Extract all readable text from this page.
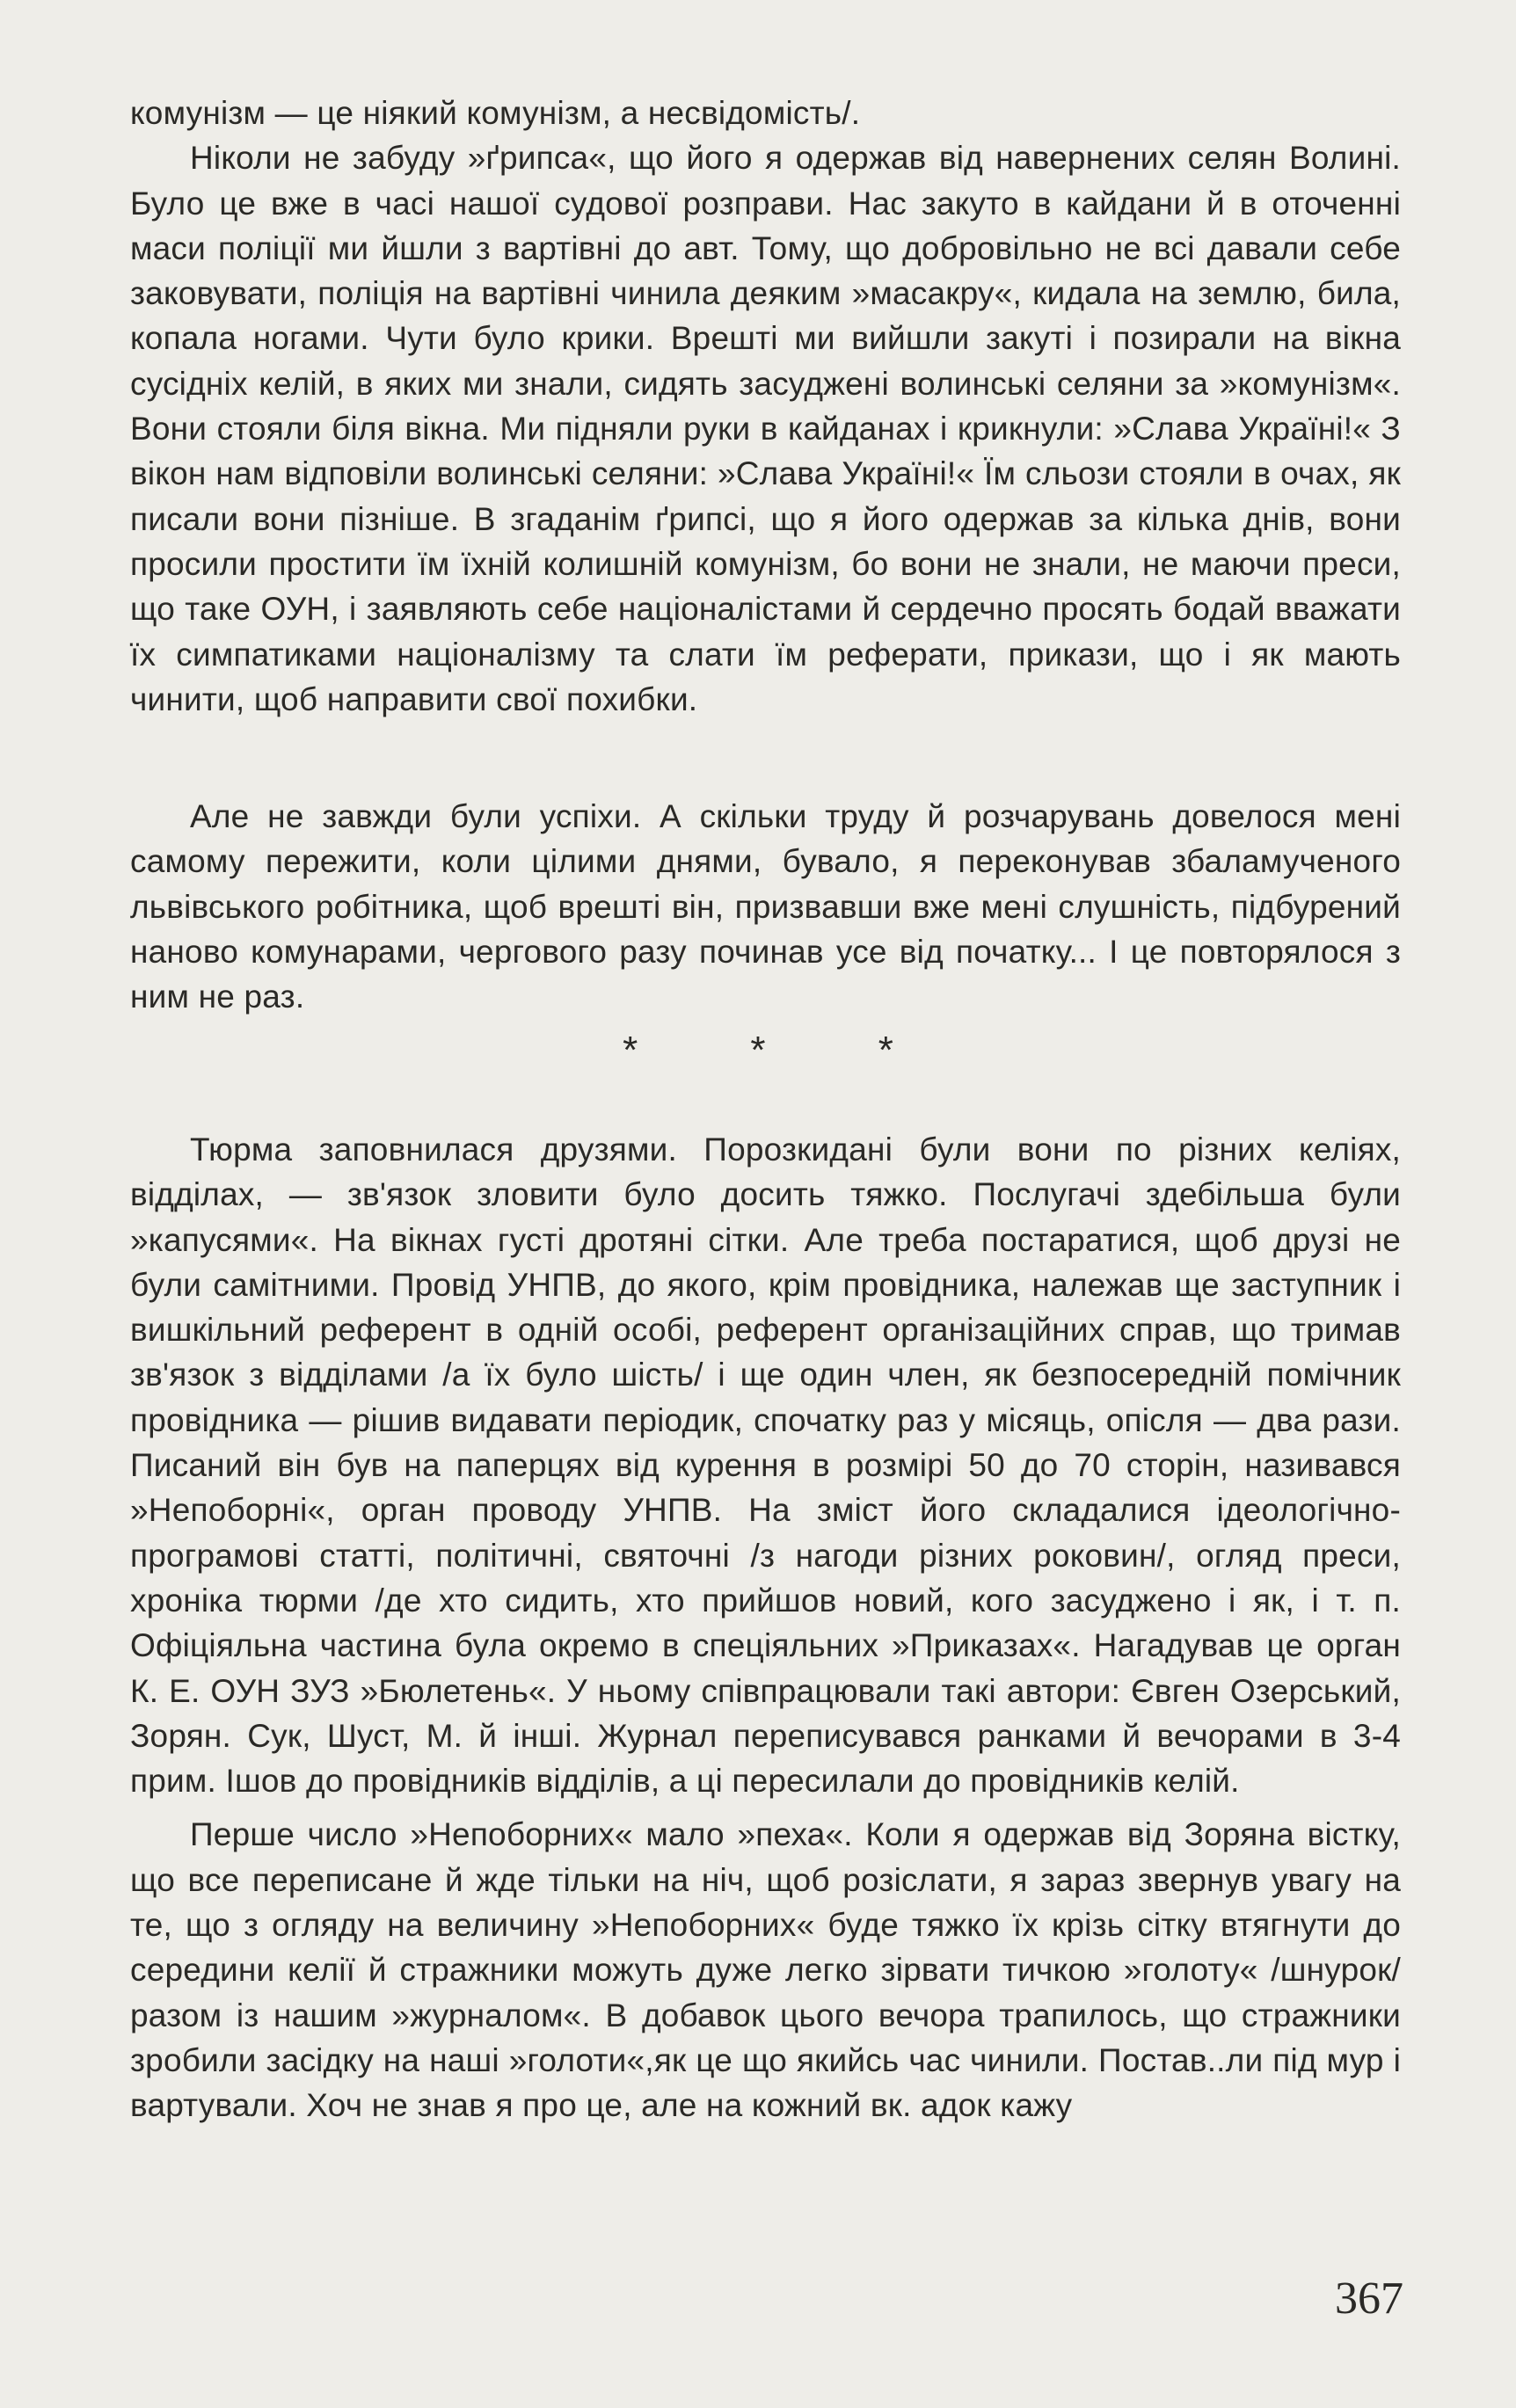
комунізм — це ніякий комунізм, а несвідомість/.

Ніколи не забуду »ґрипса«, що його я одержав від навернених селян Волині. Було це вже в часі нашої судової розправи. Нас закуто в кайдани й в оточенні маси поліції ми йшли з вартівні до авт. Тому, що добровільно не всі давали себе заковувати, поліція на вартівні чинила деяким »масакру«, кидала на землю, била, копала ногами. Чути було крики. Врешті ми вийшли закуті і позирали на вікна сусідніх келій, в яких ми знали, сидять засуджені волинські селяни за »комунізм«. Вони стояли біля вікна. Ми підняли руки в кайданах і крикнули: »Слава Україні!« З вікон нам відповіли волинські селяни: »Слава Україні!« Їм сльози стояли в очах, як писали вони пізніше. В згаданім ґрипсі, що я його одержав за кілька днів, вони просили простити їм їхній колишній комунізм, бо вони не знали, не маючи преси, що таке ОУН, і заявляють себе націоналістами й сердечно просять бодай вважати їх симпатиками націоналізму та слати їм реферати, прикази, що і як мають чинити, щоб направити свої похибки.

Але не завжди були успіхи. А скільки труду й розчарувань довелося мені самому пережити, коли цілими днями, бувало, я переконував збаламученого львівського робітника, щоб врешті він, призвавши вже мені слушність, підбурений наново комунарами, чергового разу починав усе від початку... І це повторялося з ним не раз.

* * *

Тюрма заповнилася друзями. Порозкидані були вони по різних келіях, відділах, — зв'язок зловити було досить тяжко. Послугачі здебільша були »капусями«. На вікнах густі дротяні сітки. Але треба постаратися, щоб друзі не були самітними. Провід УНПВ, до якого, крім провідника, належав ще заступник і вишкільний референт в одній особі, референт організаційних справ, що тримав зв'язок з відділами /а їх було шість/ і ще один член, як безпосередній помічник провідника — рішив видавати періодик, спочатку раз у місяць, опісля — два рази. Писаний він був на паперцях від курення в розмірі 50 до 70 сторін, називався »Непоборні«, орган проводу УНПВ. На зміст його складалися ідеологічно-програмові статті, політичні, святочні /з нагоди різних роковин/, огляд преси, хроніка тюрми /де хто сидить, хто прийшов новий, кого засуджено і як, і т. п. Офіціяльна частина була окремо в спеціяльних »Приказах«. Нагадував це орган К. Е. ОУН ЗУЗ »Бюлетень«. У ньому співпрацювали такі автори: Євген Озерський, Зорян. Сук, Шуст, М. й інші. Журнал переписувався ранками й вечорами в 3-4 прим. Ішов до провідників відділів, а ці пересилали до провідників келій.

Перше число »Непоборних« мало »пеха«. Коли я одержав від Зоряна вістку, що все переписане й жде тільки на ніч, щоб розіслати, я зараз звернув увагу на те, що з огляду на величину »Непоборних« буде тяжко їх крізь сітку втягнути до середини келії й стражники можуть дуже легко зірвати тичкою »голоту« /шнурок/ разом із нашим »журналом«. В добавок цього вечора трапилось, що стражники зробили засідку на наші »голоти«,як це що якийсь час чинили. Постав..ли під мур і вартували. Хоч не знав я про це, але на кожний вк. адок кажу

367
